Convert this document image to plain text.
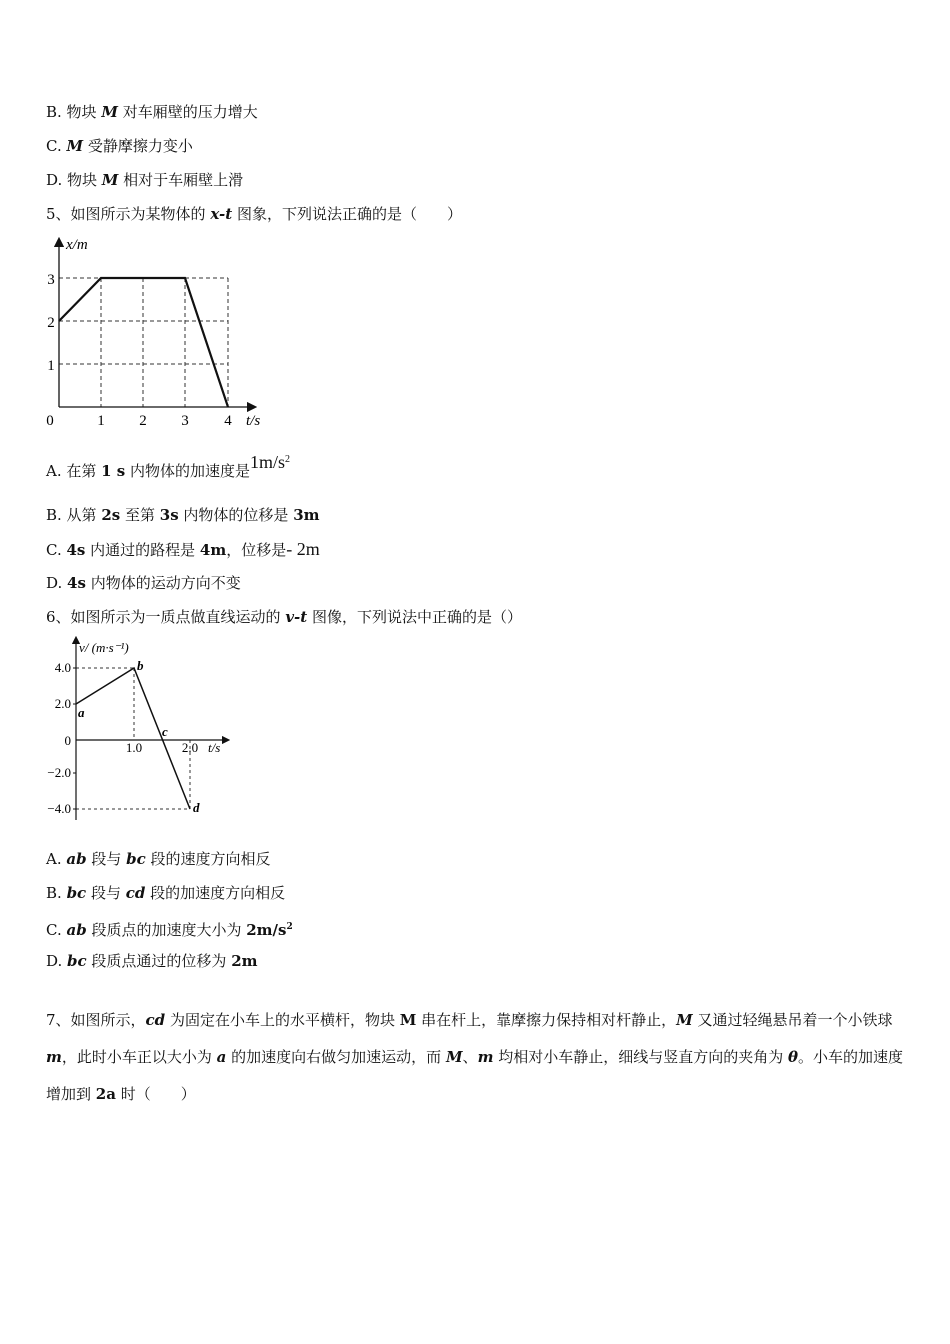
B. 物块 M 对车厢壁的压力增大
C. M 受静摩擦力变小
D. 物块 M 相对于车厢壁上滑
5、如图所示为某物体的 x-t 图象，下列说法正确的是（　　）
x/m
t/s
0	1 2 3 4
1
2
3
A. 在第 1 s 内物体的加速度是$1m/s^2$
B. 从第 2s 至第 3s 内物体的位移是 3m
C. 4s 内通过的路程是 4m，位移是- 2m
D. 4s 内物体的运动方向不变
6、如图所示为一质点做直线运动的 v-t 图像，下列说法中正确的是（）
v/ (m·s⁻¹)
t/s
1.0	2.0
4.0
2.0
0
−2.0
−4.0
a
b
c
d
A. ab 段与 bc 段的速度方向相反
B. bc 段与 cd 段的加速度方向相反
C. ab 段质点的加速度大小为 $2m/s^2$
D. bc 段质点通过的位移为 2m
7、如图所示，cd 为固定在小车上的水平横杆，物块 M 串在杆上，靠摩擦力保持相对杆静止，M 又通过轻绳悬吊着一个小铁球 m，此时小车正以大小为 a 的加速度向右做匀加速运动，而 M、m 均相对小车静止，细线与竖直方向的夹角为 θ。小车的加速度增加到 2a 时（　　）
